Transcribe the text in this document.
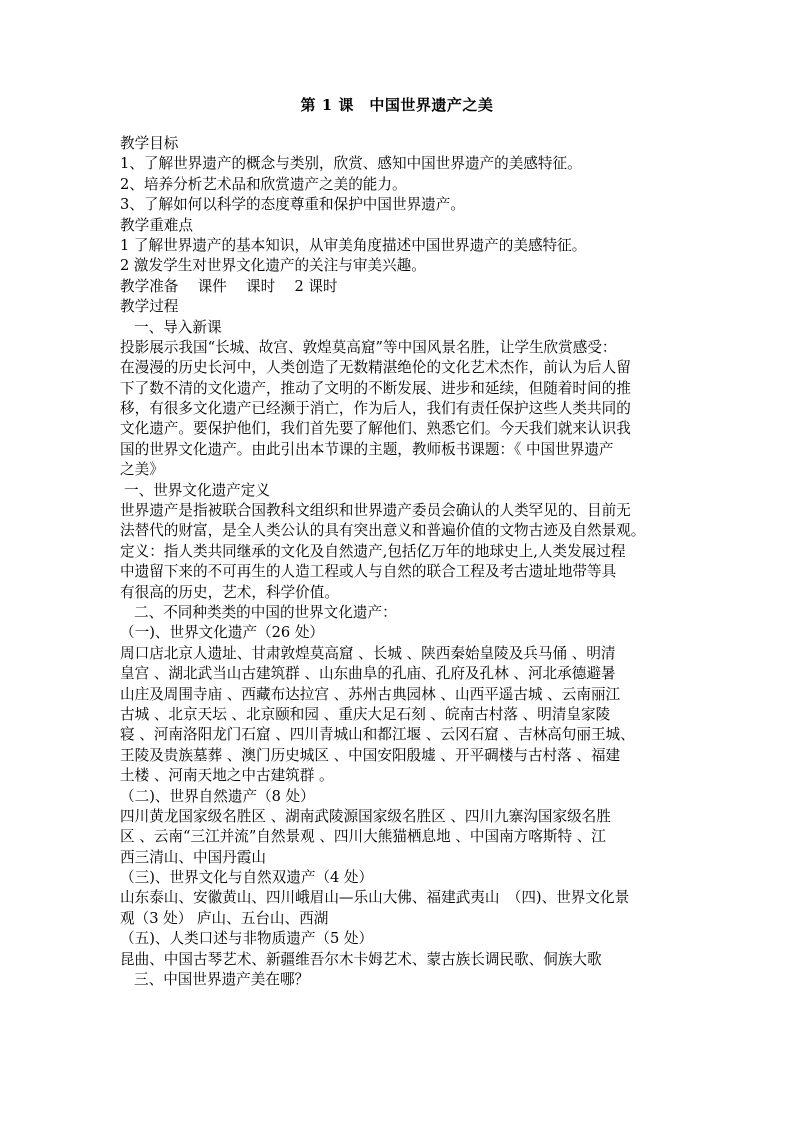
第 1 课　中国世界遗产之美
教学目标
1、了解世界遗产的概念与类别，欣赏、感知中国世界遗产的美感特征。
2、培养分析艺术品和欣赏遗产之美的能力。
3、了解如何以科学的态度尊重和保护中国世界遗产。
教学重难点
1 了解世界遗产的基本知识，从审美角度描述中国世界遗产的美感特征。
2 激发学生对世界文化遗产的关注与审美兴趣。
教学准备　 课件　 课时　 2 课时
教学过程
一、导入新课
投影展示我国“长城、故宫、敦煌莫高窟”等中国风景名胜，让学生欣赏感受：
在漫漫的历史长河中，人类创造了无数精湛绝伦的文化艺术杰作，前认为后人留
下了数不清的文化遗产，推动了文明的不断发展、进步和延续，但随着时间的推
移，有很多文化遗产已经濒于消亡，作为后人，我们有责任保护这些人类共同的
文化遗产。要保护他们，我们首先要了解他们、熟悉它们。今天我们就来认识我
国的世界文化遗产。由此引出本节课的主题，教师板书课题：《 中国世界遗产
之美》
一、世界文化遗产定义
世界遗产是指被联合国教科文组织和世界遗产委员会确认的人类罕见的、目前无
法替代的财富，是全人类公认的具有突出意义和普遍价值的文物古迹及自然景观。
定义：指人类共同继承的文化及自然遗产,包括亿万年的地球史上,人类发展过程
中遗留下来的不可再生的人造工程或人与自然的联合工程及考古遗址地带等具
有很高的历史，艺术，科学价值。
二、不同种类类的中国的世界文化遗产：
（一)、世界文化遗产（26 处）
周口店北京人遗址、甘肃敦煌莫高窟 、长城 、陕西秦始皇陵及兵马俑 、明清
皇宫 、湖北武当山古建筑群 、山东曲阜的孔庙、孔府及孔林 、河北承德避暑
山庄及周围寺庙 、西藏布达拉宫 、苏州古典园林 、山西平遥古城 、云南丽江
古城 、北京天坛 、北京颐和园 、重庆大足石刻 、皖南古村落 、明清皇家陵
寝 、河南洛阳龙门石窟 、四川青城山和都江堰 、云冈石窟 、吉林高句丽王城、
王陵及贵族墓葬 、澳门历史城区 、中国安阳殷墟 、开平碉楼与古村落 、福建
土楼 、河南天地之中古建筑群 。
（二)、世界自然遗产（8 处）
四川黄龙国家级名胜区 、湖南武陵源国家级名胜区 、四川九寨沟国家级名胜
区 、云南“三江并流”自然景观 、四川大熊猫栖息地 、中国南方喀斯特 、江
西三清山、中国丹霞山
（三)、世界文化与自然双遗产（4 处）
山东泰山、安徽黄山、四川峨眉山—乐山大佛、福建武夷山　（四)、世界文化景
观（3 处） 庐山、五台山、西湖
（五)、人类口述与非物质遗产（5 处）
昆曲、中国古琴艺术、新疆维吾尔木卡姆艺术、蒙古族长调民歌、侗族大歌
三、中国世界遗产美在哪？
